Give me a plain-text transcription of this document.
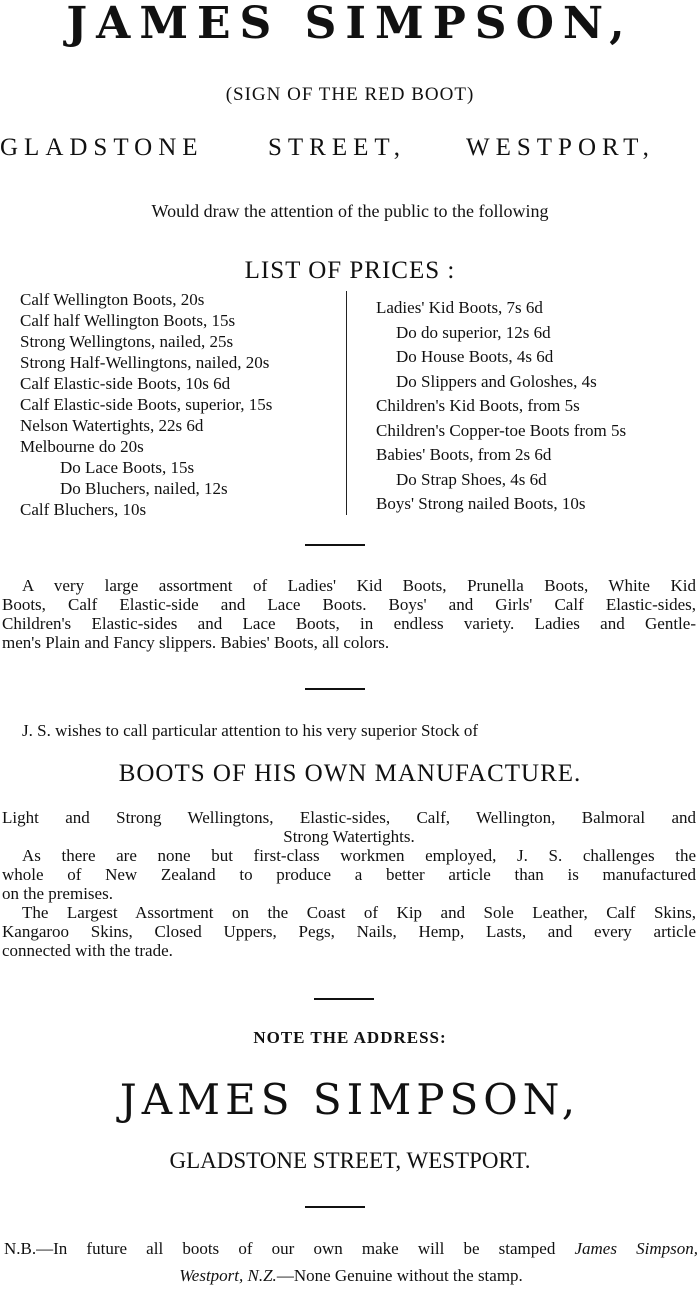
JAMES SIMPSON,
(SIGN OF THE RED BOOT)
GLADSTONE	STREET, WESTPORT,
Would draw the attention of the public to the following
LIST OF PRICES :
Calf Wellington Boots, 20s
Calf half Wellington Boots, 15s
Strong Wellingtons, nailed, 25s
Strong Half-Wellingtons, nailed, 20s
Calf Elastic-side Boots, 10s 6d
Calf Elastic-side Boots, superior, 15s
Nelson Watertights, 22s 6d
Melbourne do 20s
Do Lace Boots, 15s
Do Bluchers, nailed, 12s
Calf Bluchers, 10s
Ladies' Kid Boots, 7s 6d
Do do superior, 12s 6d
Do House Boots, 4s 6d
Do Slippers and Goloshes, 4s
Children's Kid Boots, from 5s
Children's Copper-toe Boots from 5s
Babies' Boots, from 2s 6d
Do Strap Shoes, 4s 6d
Boys' Strong nailed Boots, 10s
A very large assortment of Ladies' Kid Boots, Prunella Boots, White Kid
Boots, Calf Elastic-side and Lace Boots. Boys' and Girls' Calf Elastic-sides,
Children's Elastic-sides and Lace Boots, in endless variety. Ladies and Gentle-
men's Plain and Fancy slippers. Babies' Boots, all colors.
J. S. wishes to call particular attention to his very superior Stock of
BOOTS OF HIS OWN MANUFACTURE.
Light and Strong Wellingtons, Elastic-sides, Calf, Wellington, Balmoral and
Strong Watertights.
As there are none but first-class workmen employed, J. S. challenges the
whole of New Zealand to produce a better article than is manufactured
on the premises.
The Largest Assortment on the Coast of Kip and Sole Leather, Calf Skins,
Kangaroo Skins, Closed Uppers, Pegs, Nails, Hemp, Lasts, and every article
connected with the trade.
NOTE THE ADDRESS:
JAMES SIMPSON,
GLADSTONE STREET, WESTPORT.
N.B.—In future all boots of our own make will be stamped James Simpson,
Westport, N.Z.—None Genuine without the stamp.
